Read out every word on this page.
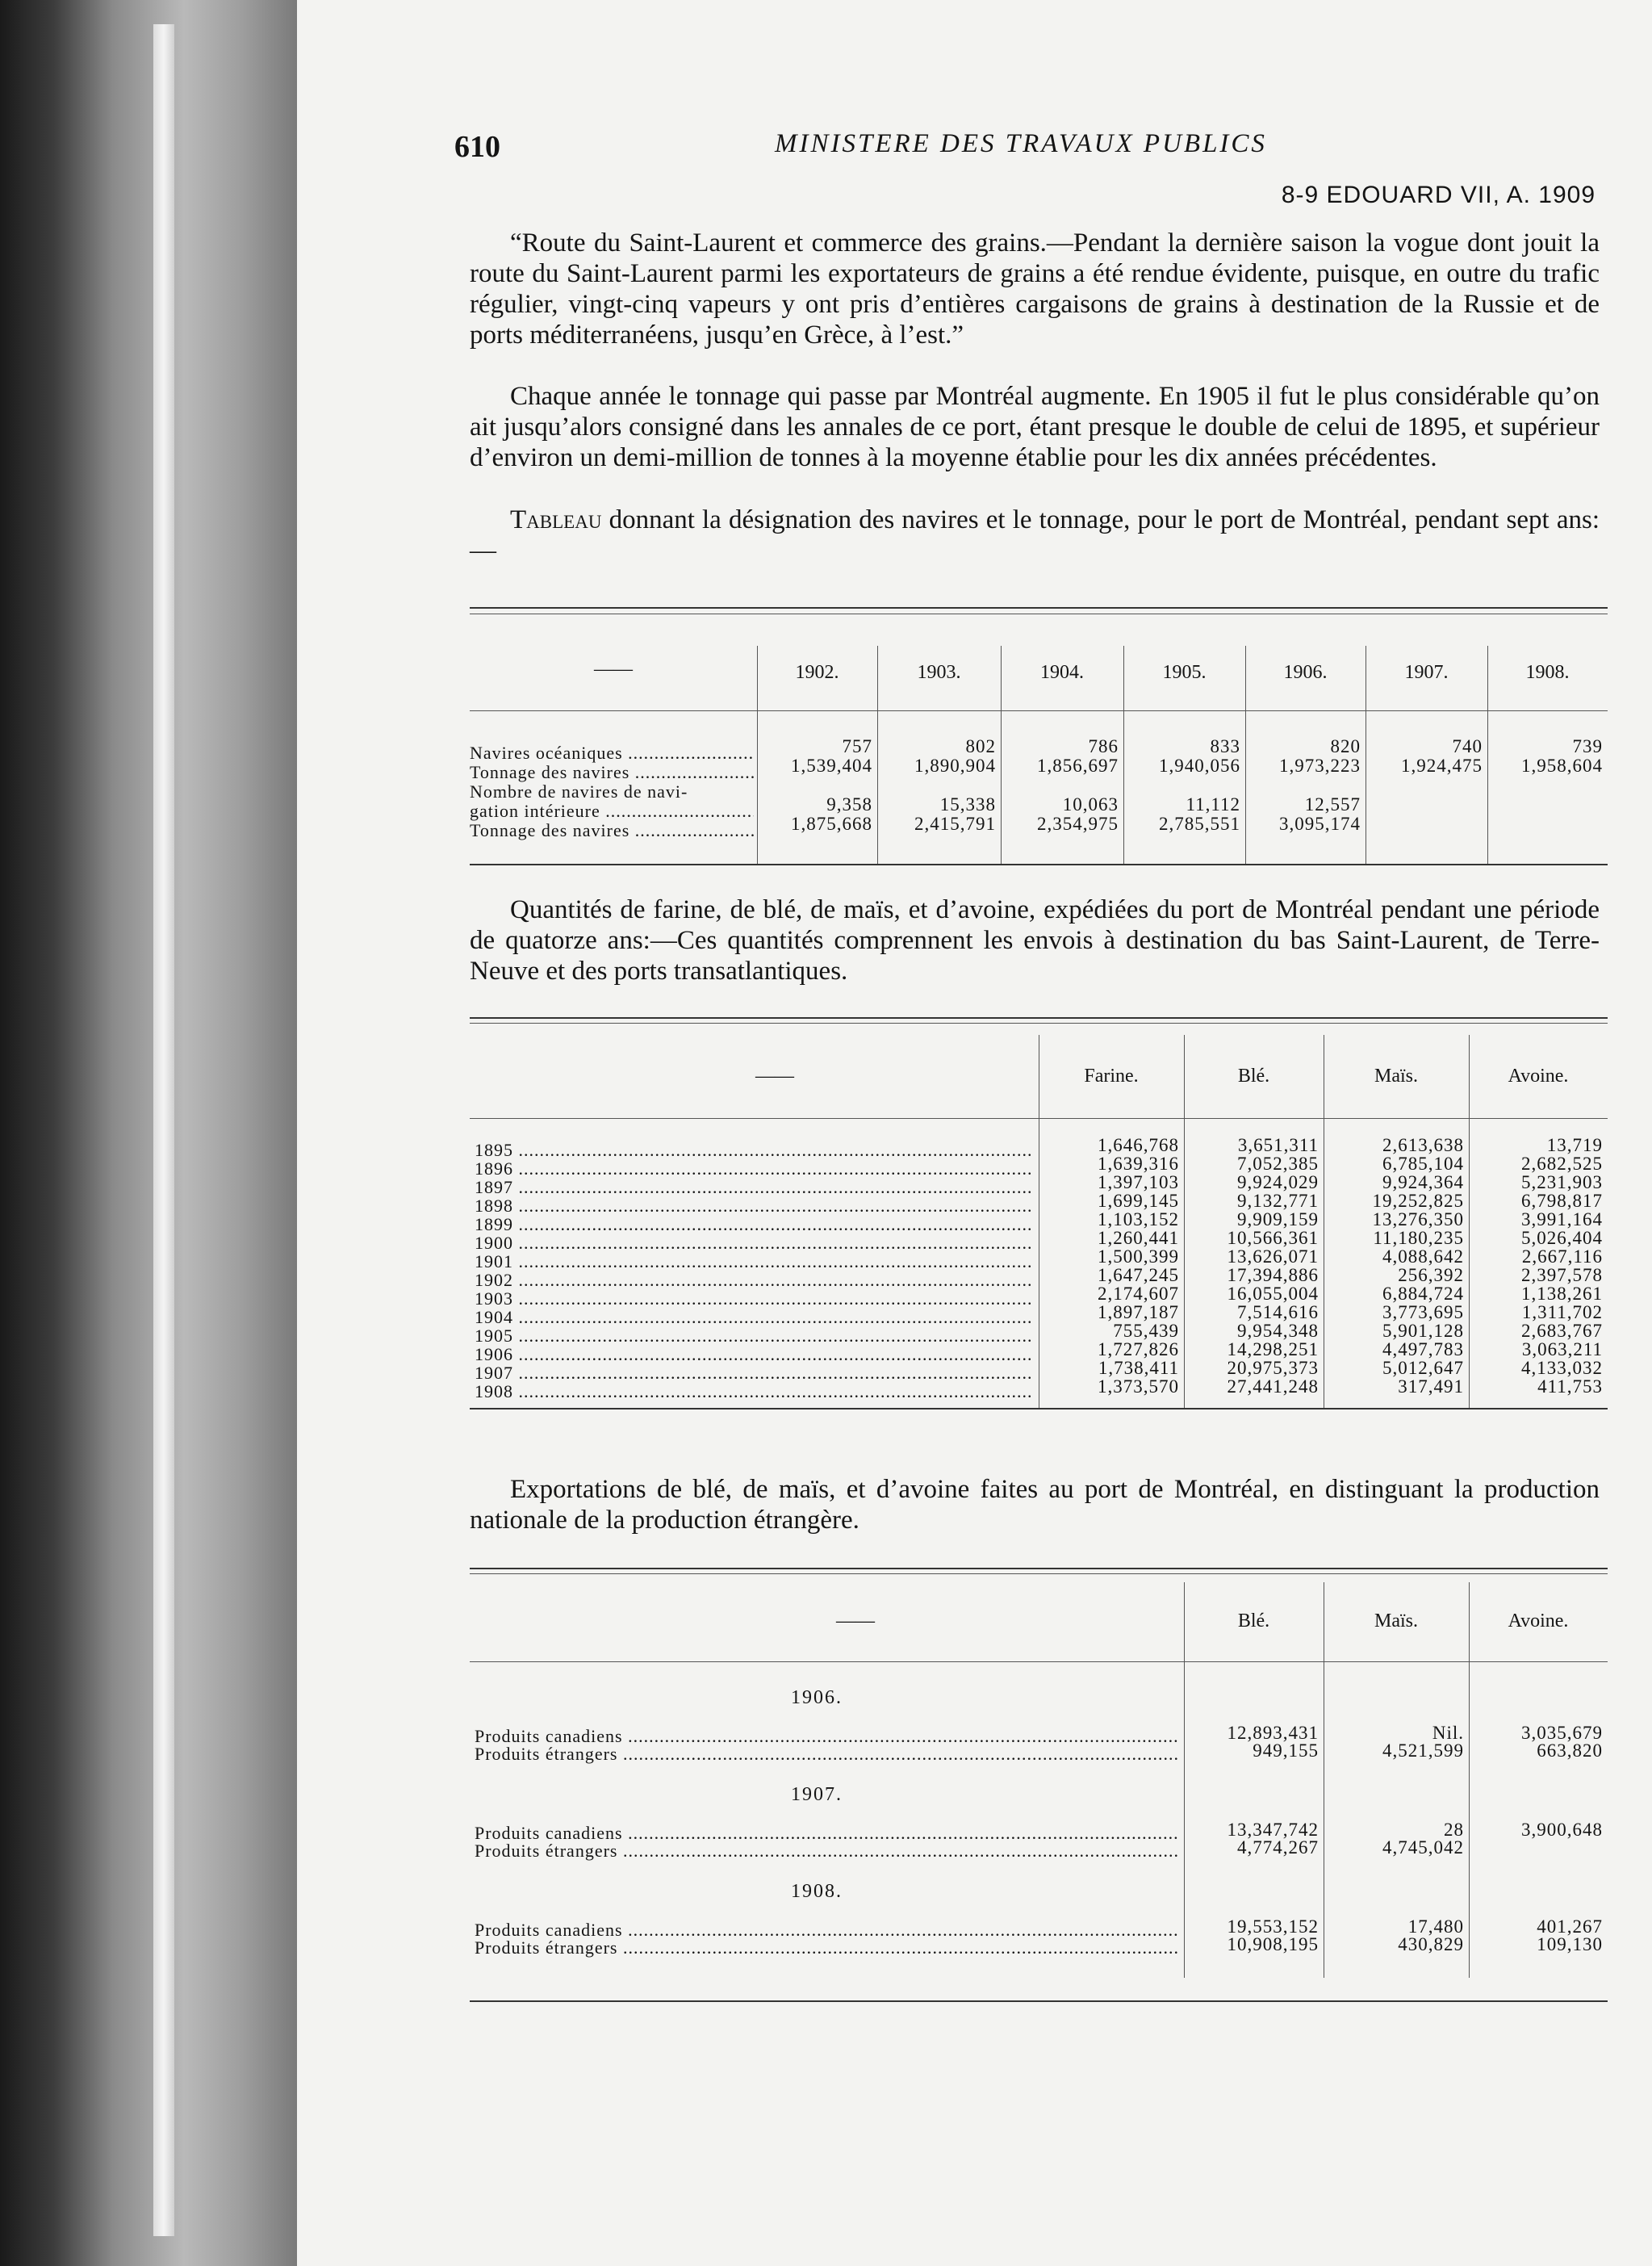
610	MINISTERE DES TRAVAUX PUBLICS
8-9 EDOUARD VII, A. 1909
“Route du Saint-Laurent et commerce des grains.—Pendant la dernière saison la vogue dont jouit la route du Saint-Laurent parmi les exportateurs de grains a été rendue évidente, puisque, en outre du trafic régulier, vingt-cinq vapeurs y ont pris d’entières cargaisons de grains à destination de la Russie et de ports méditerranéens, jusqu’en Grèce, à l’est.”
Chaque année le tonnage qui passe par Montréal augmente. En 1905 il fut le plus considérable qu’on ait jusqu’alors consigné dans les annales de ce port, étant presque le double de celui de 1895, et supérieur d’environ un demi-million de tonnes à la moyenne établie pour les dix années précédentes.
Tableau donnant la désignation des navires et le tonnage, pour le port de Montréal, pendant sept ans:—
——	1902.	1903.	1904.	1905.	1906.	1907.	1908.
Navires océaniques .....	757	802	786	833	820	740	739
Tonnage des navires .....	1,539,404 1,890,904 1,856,697 1,940,056 1,973,223 1,924,475 1,958,604
Nombre de navires de navi-
gation intérieure .....	9,358	15,338	10,063	11,112	12,557
Tonnage des navires .....	1,875,668 2,415,791 2,354,975 2,785,551 3,095,174
Quantités de farine, de blé, de maïs, et d’avoine, expédiées du port de Montréal pendant une période de quatorze ans:—Ces quantités comprennent les envois à destination du bas Saint-Laurent, de Terre-Neuve et des ports transatlantiques.
——	Farine.	Blé.	Maïs.	Avoine.
1895 .....	1,646,768	3,651,311	2,613,638	13,719
1896 .....	1,639,316	7,052,385	6,785,104	2,682,525
1897 .....	1,397,103	9,924,029	9,924,364	5,231,903
1898 .....	1,699,145	9,132,771	19,252,825	6,798,817
1899 .....	1,103,152	9,909,159	13,276,350	3,991,164
1900 .....	1,260,441	10,566,361	11,180,235	5,026,404
1901 .....	1,500,399	13,626,071	4,088,642	2,667,116
1902 .....	1,647,245	17,394,886	256,392	2,397,578
1903 .....	2,174,607	16,055,004	6,884,724	1,138,261
1904 .....	1,897,187	7,514,616	3,773,695	1,311,702
1905 .....	755,439	9,954,348	5,901,128	2,683,767
1906 .....	1,727,826	14,298,251	4,497,783	3,063,211
1907 .....	1,738,411	20,975,373	5,012,647	4,133,032
1908 .....	1,373,570	27,441,248	317,491	411,753
Exportations de blé, de maïs, et d’avoine faites au port de Montréal, en distinguant la production nationale de la production étrangère.
——	Blé.	Maïs.	Avoine.
1906.
Produits canadiens .....	12,893,431	Nil.	3,035,679
Produits étrangers .....	949,155	4,521,599	663,820
1907.
Produits canadiens .....	13,347,742	28	3,900,648
Produits étrangers .....	4,774,267	4,745,042
1908.
Produits canadiens .....	19,553,152	17,480	401,267
Produits étrangers .....	10,908,195	430,829	109,130
